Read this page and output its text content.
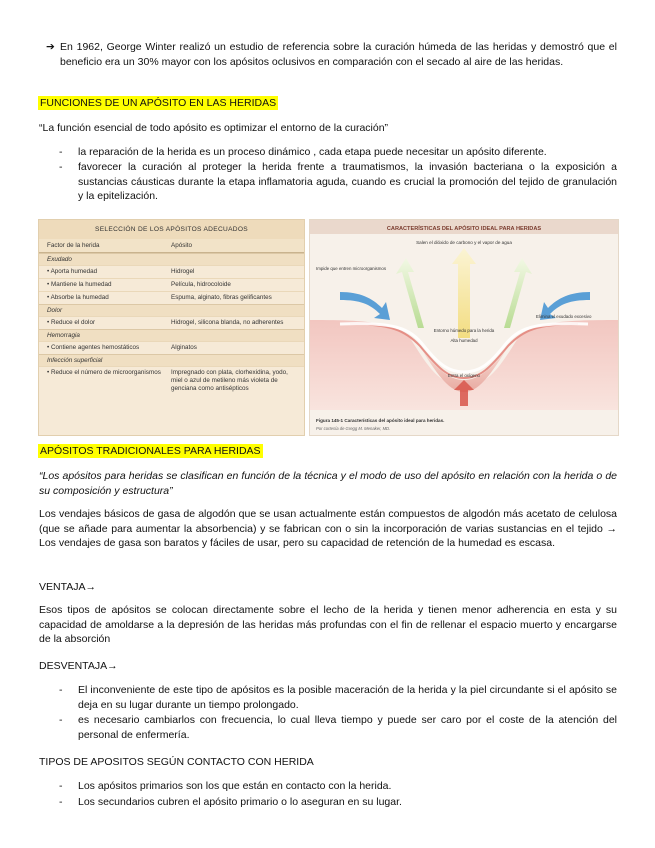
➔ En 1962, George Winter realizó un estudio de referencia sobre la curación húmeda de las heridas y demostró que el beneficio era un 30% mayor con los apósitos oclusivos en comparación con el secado al aire de las heridas.
FUNCIONES DE UN APÓSITO EN LAS HERIDAS
“La función esencial de todo apósito es optimizar el entorno de la curación”
- la reparación de la herida es un proceso dinámico , cada etapa puede necesitar un apósito diferente.
- favorecer la curación al proteger la herida frente a traumatismos, la invasión bacteriana o la exposición a sustancias cáusticas durante la etapa inflamatoria aguda, cuando es crucial la promoción del tejido de granulación y la epitelización.
SELECCIÓN DE LOS APÓSITOS ADECUADOS
Factor de la herida	Apósito
Exudado
• Aporta humedad	Hidrogel
• Mantiene la humedad	Película, hidrocoloide
• Absorbe la humedad	Espuma, alginato, fibras gelificantes
Dolor
• Reduce el dolor	Hidrogel, silicona blanda, no adherentes
Hemorragia
• Contiene agentes hemostáticos	Alginatos
Infección superficial
• Reduce el número de microorganismos	Impregnado con plata, clorhexidina, yodo, miel o azul de metileno más violeta de genciana como antisépticos
CARACTERÍSTICAS DEL APÓSITO IDEAL PARA HERIDAS
Salen el dióxido de carbono y el vapor de agua
Impide que entren microorganismos
Elimina el exudado excesivo
Entorno húmedo para la herida
Alta humedad
Entra el oxígeno
Figura 145-1 Características del apósito ideal para heridas.
Por cortesía de Gregg M. Menaker, MD.
APÓSITOS TRADICIONALES PARA HERIDAS
“Los apósitos para heridas se clasifican en función de la técnica y el modo de uso del apósito en relación con la herida o de su composición y estructura”
Los vendajes básicos de gasa de algodón que se usan actualmente están compuestos de algodón más acetato de celulosa (que se añade para aumentar la absorbencia) y se fabrican con o sin la incorporación de varias sustancias en el tejido → Los vendajes de gasa son baratos y fáciles de usar, pero su capacidad de retención de la humedad es escasa.
VENTAJA→
Esos tipos de apósitos se colocan directamente sobre el lecho de la herida y tienen menor adherencia en esta y su capacidad de amoldarse a la depresión de las heridas más profundas con el fin de rellenar el espacio muerto y encargarse de la absorción
DESVENTAJA→
- El inconveniente de este tipo de apósitos es la posible maceración de la herida y la piel circundante si el apósito se deja en su lugar durante un tiempo prolongado.
- es necesario cambiarlos con frecuencia, lo cual lleva tiempo y puede ser caro por el coste de la atención del personal de enfermería.
TIPOS DE APOSITOS SEGÚN CONTACTO CON HERIDA
- Los apósitos primarios son los que están en contacto con la herida.
- Los secundarios cubren el apósito primario o lo aseguran en su lugar.
